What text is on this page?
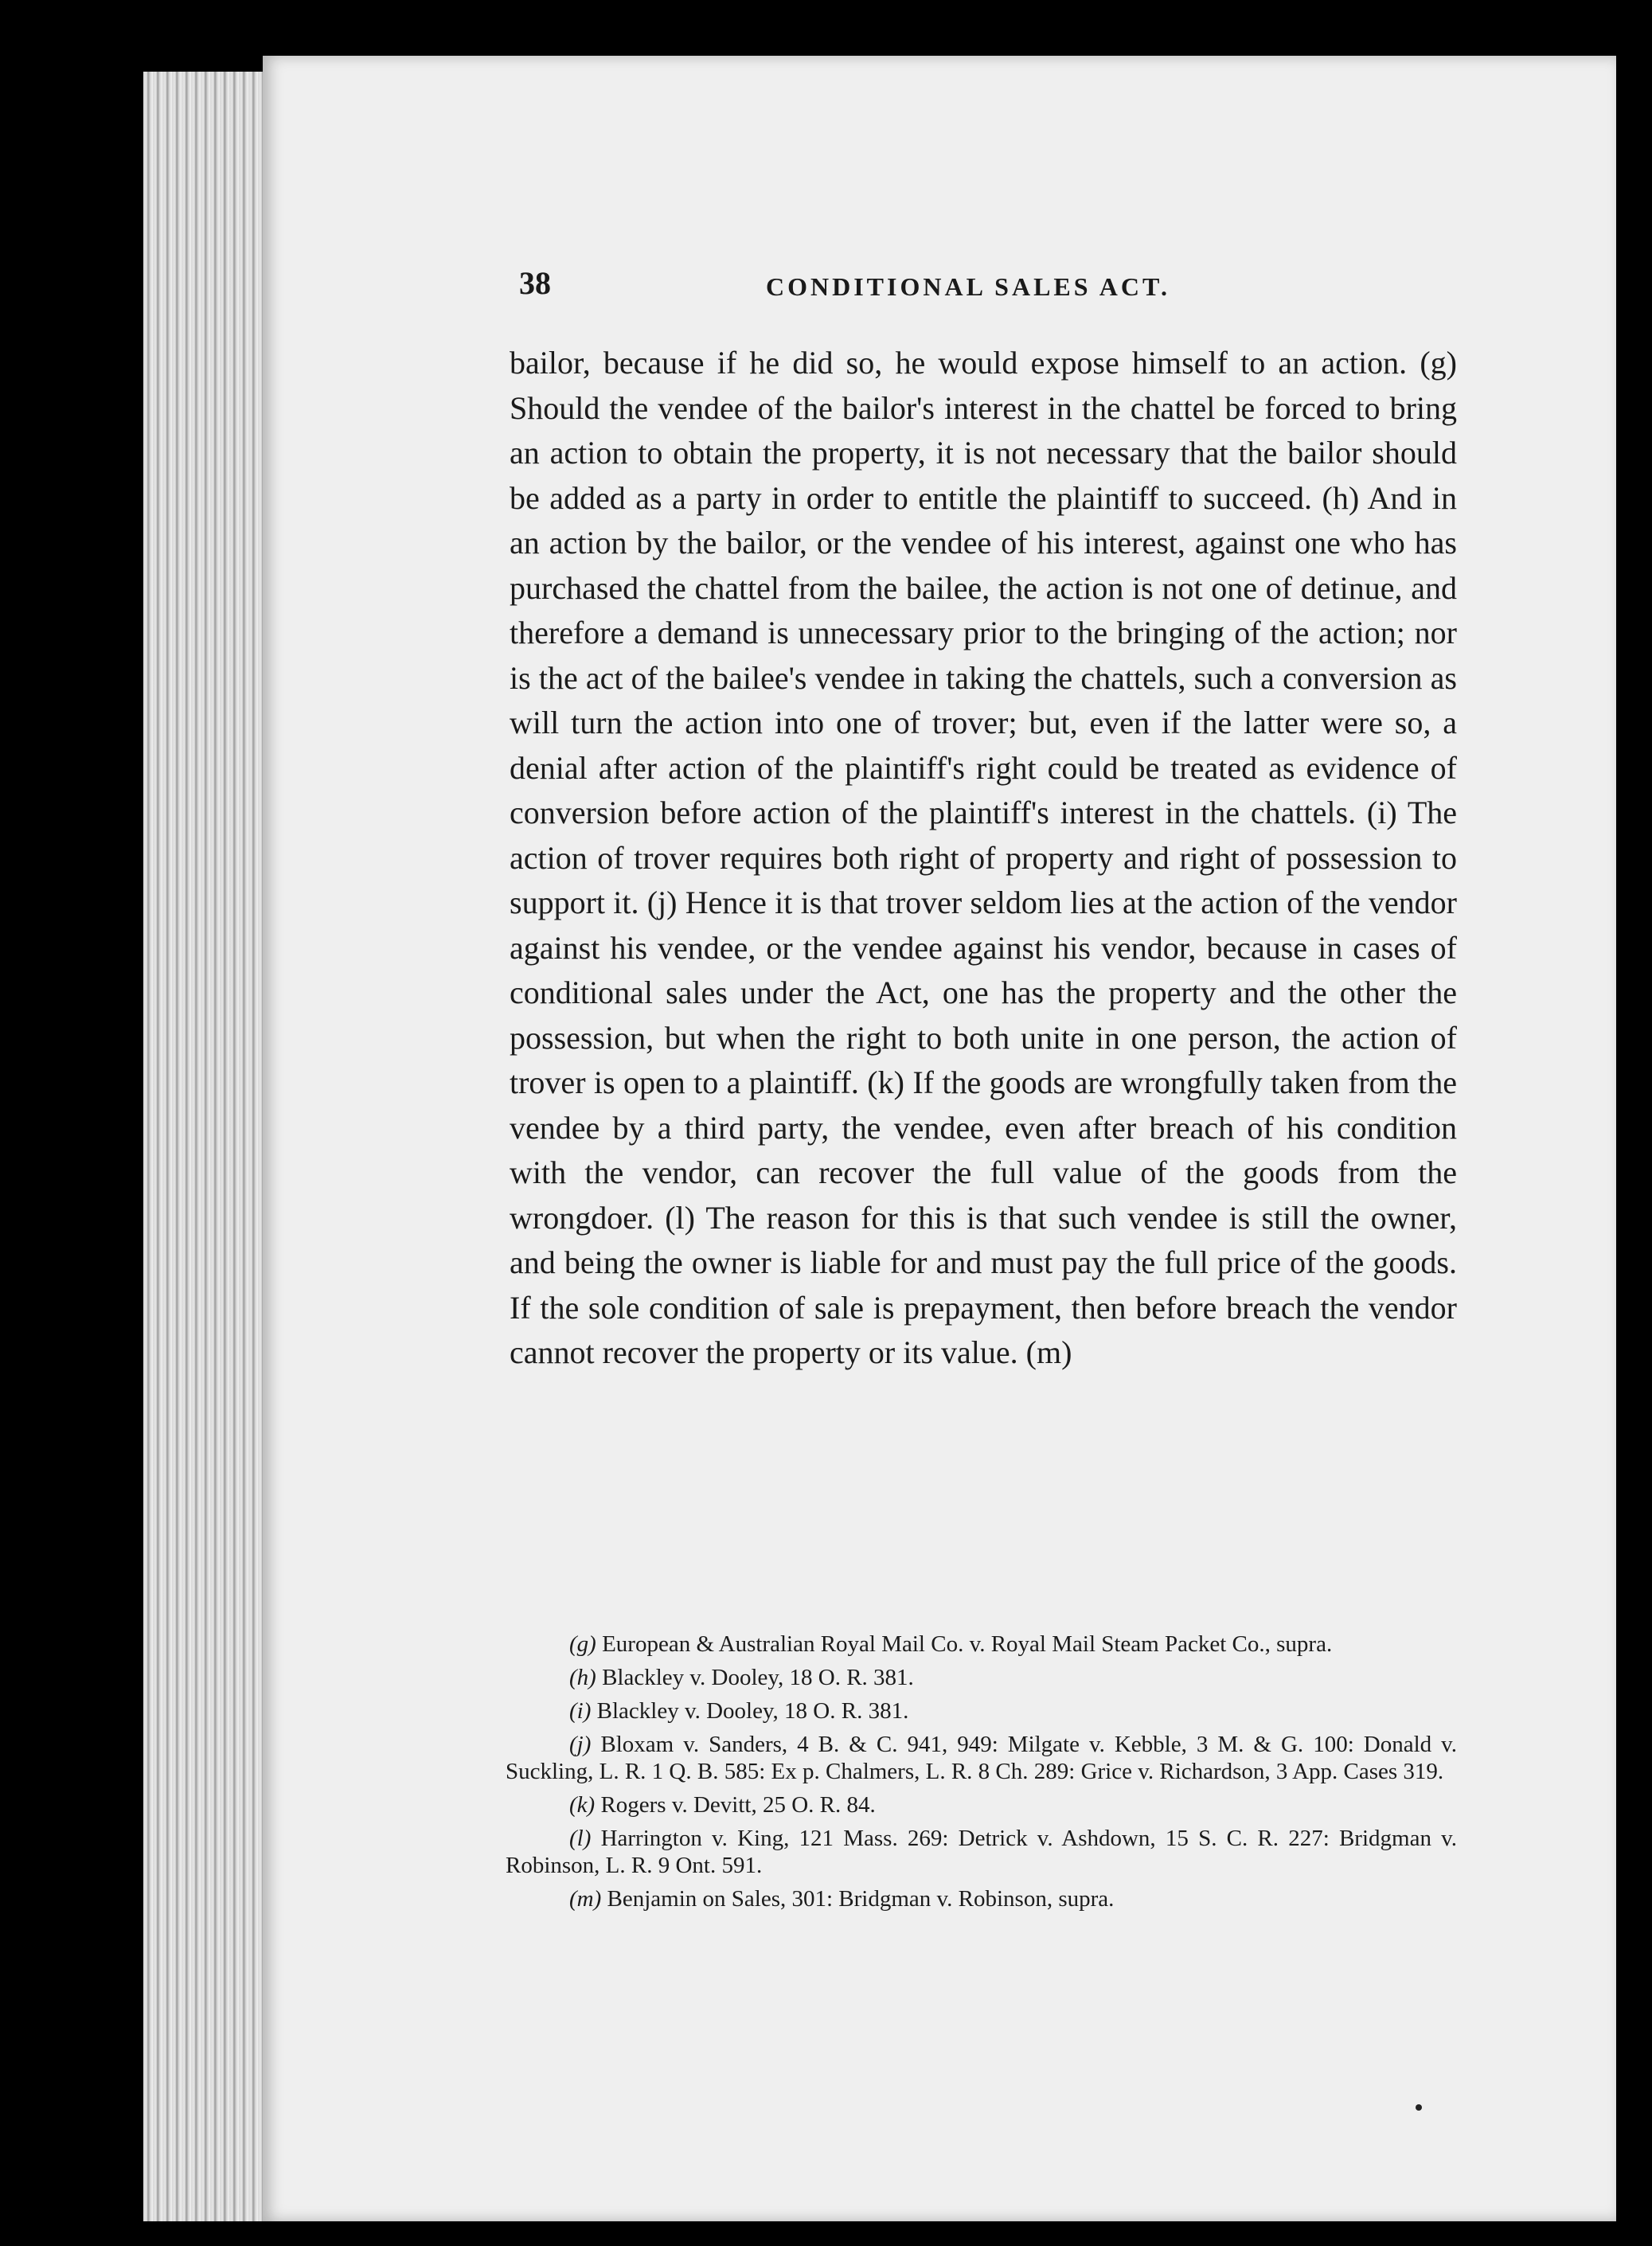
38	CONDITIONAL SALES ACT.

bailor, because if he did so, he would expose himself to an action. (g) Should the vendee of the bailor's interest in the chattel be forced to bring an action to obtain the property, it is not necessary that the bailor should be added as a party in order to entitle the plaintiff to succeed. (h) And in an action by the bailor, or the vendee of his interest, against one who has purchased the chattel from the bailee, the action is not one of detinue, and therefore a demand is unnecessary prior to the bringing of the action; nor is the act of the bailee's vendee in taking the chattels, such a conversion as will turn the action into one of trover; but, even if the latter were so, a denial after action of the plaintiff's right could be treated as evidence of conversion before action of the plaintiff's interest in the chattels. (i) The action of trover requires both right of property and right of possession to support it. (j) Hence it is that trover seldom lies at the action of the vendor against his vendee, or the vendee against his vendor, because in cases of conditional sales under the Act, one has the property and the other the possession, but when the right to both unite in one person, the action of trover is open to a plaintiff. (k) If the goods are wrongfully taken from the vendee by a third party, the vendee, even after breach of his condition with the vendor, can recover the full value of the goods from the wrongdoer. (l) The reason for this is that such vendee is still the owner, and being the owner is liable for and must pay the full price of the goods. If the sole condition of sale is prepayment, then before breach the vendor cannot recover the property or its value. (m)

(g) European & Australian Royal Mail Co. v. Royal Mail Steam Packet Co., supra.

(h) Blackley v. Dooley, 18 O. R. 381.

(i) Blackley v. Dooley, 18 O. R. 381.

(j) Bloxam v. Sanders, 4 B. & C. 941, 949: Milgate v. Kebble, 3 M. & G. 100: Donald v. Suckling, L. R. 1 Q. B. 585: Ex p. Chalmers, L. R. 8 Ch. 289: Grice v. Richardson, 3 App. Cases 319.

(k) Rogers v. Devitt, 25 O. R. 84.

(l) Harrington v. King, 121 Mass. 269: Detrick v. Ashdown, 15 S. C. R. 227: Bridgman v. Robinson, L. R. 9 Ont. 591.

(m) Benjamin on Sales, 301: Bridgman v. Robinson, supra.
